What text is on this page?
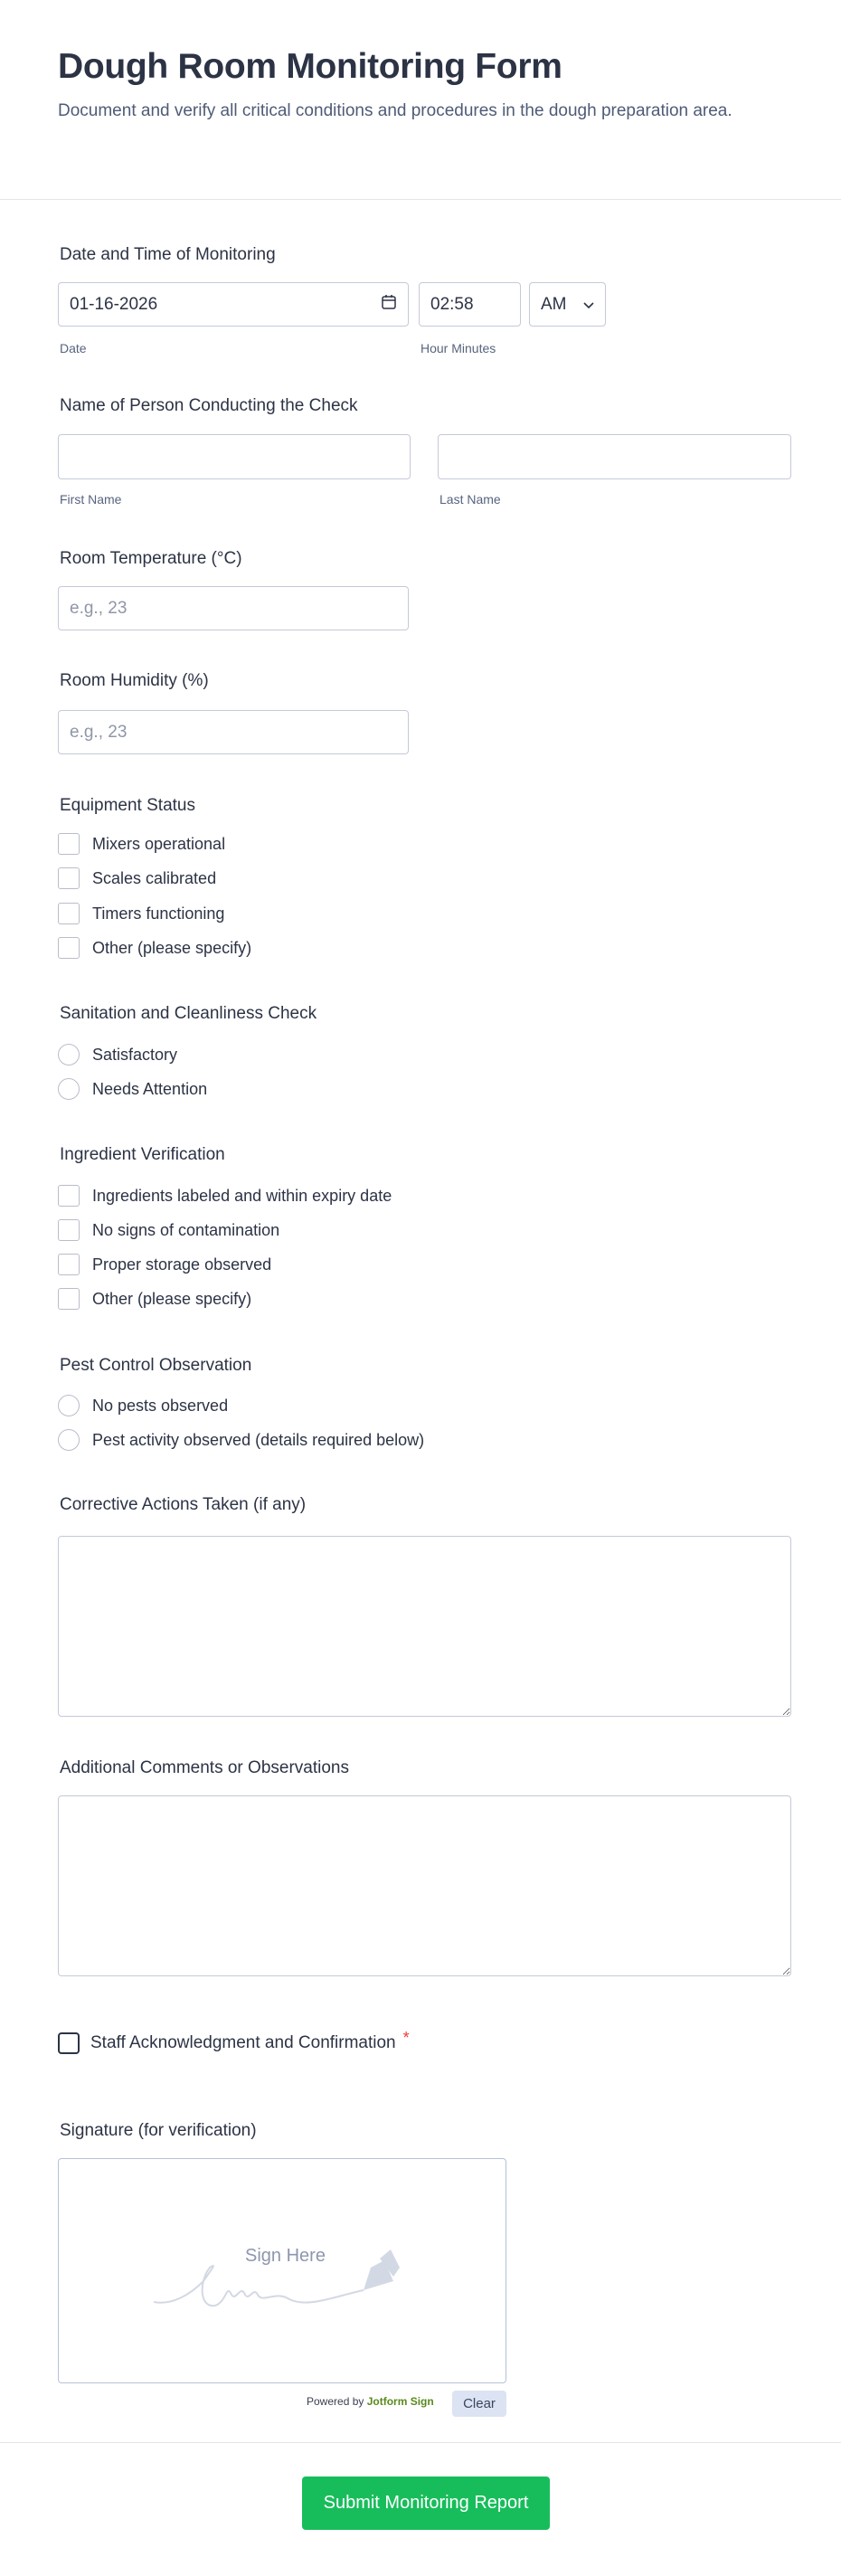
Dough Room Monitoring Form
Document and verify all critical conditions and procedures in the dough preparation area.
Date and Time of Monitoring
01-16-2026	02:58	AM
Date	Hour Minutes
Name of Person Conducting the Check
First Name	Last Name
Room Temperature (°C)
e.g., 23
Room Humidity (%)
e.g., 23
Equipment Status
Mixers operational
Scales calibrated
Timers functioning
Other (please specify)
Sanitation and Cleanliness Check
Satisfactory
Needs Attention
Ingredient Verification
Ingredients labeled and within expiry date
No signs of contamination
Proper storage observed
Other (please specify)
Pest Control Observation
No pests observed
Pest activity observed (details required below)
Corrective Actions Taken (if any)
Additional Comments or Observations
Staff Acknowledgment and Confirmation *
Signature (for verification)
Sign Here
Powered by Jotform Sign	Clear
Submit Monitoring Report
